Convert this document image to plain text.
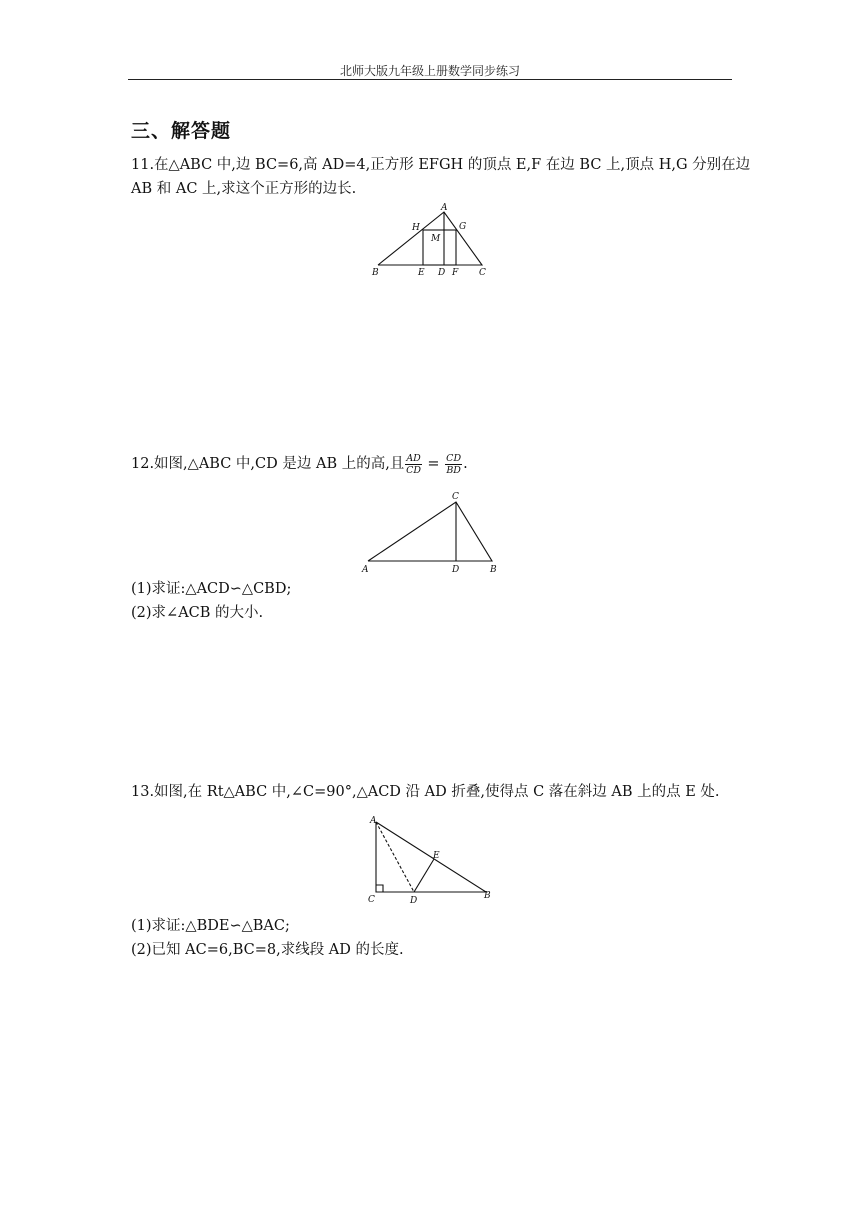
北师大版九年级上册数学同步练习
三、解答题
11.在△ABC 中,边 BC=6,高 AD=4,正方形 EFGH 的顶点 E,F 在边 BC 上,顶点 H,G 分别在边
AB 和 AC 上,求这个正方形的边长.
A
H	G
M
B	E D F C
12.如图,△ABC 中,CD 是边 AB 上的高,且 $\frac{AD}{CD} = \frac{CD}{BD}$ .
C
A	D	B
(1)求证:△ACD∽△CBD;
(2)求∠ACB 的大小.
13.如图,在 Rt△ABC 中,∠C=90°,△ACD 沿 AD 折叠,使得点 C 落在斜边 AB 上的点 E 处.
A
E
C	D	B
(1)求证:△BDE∽△BAC;
(2)已知 AC=6,BC=8,求线段 AD 的长度.
